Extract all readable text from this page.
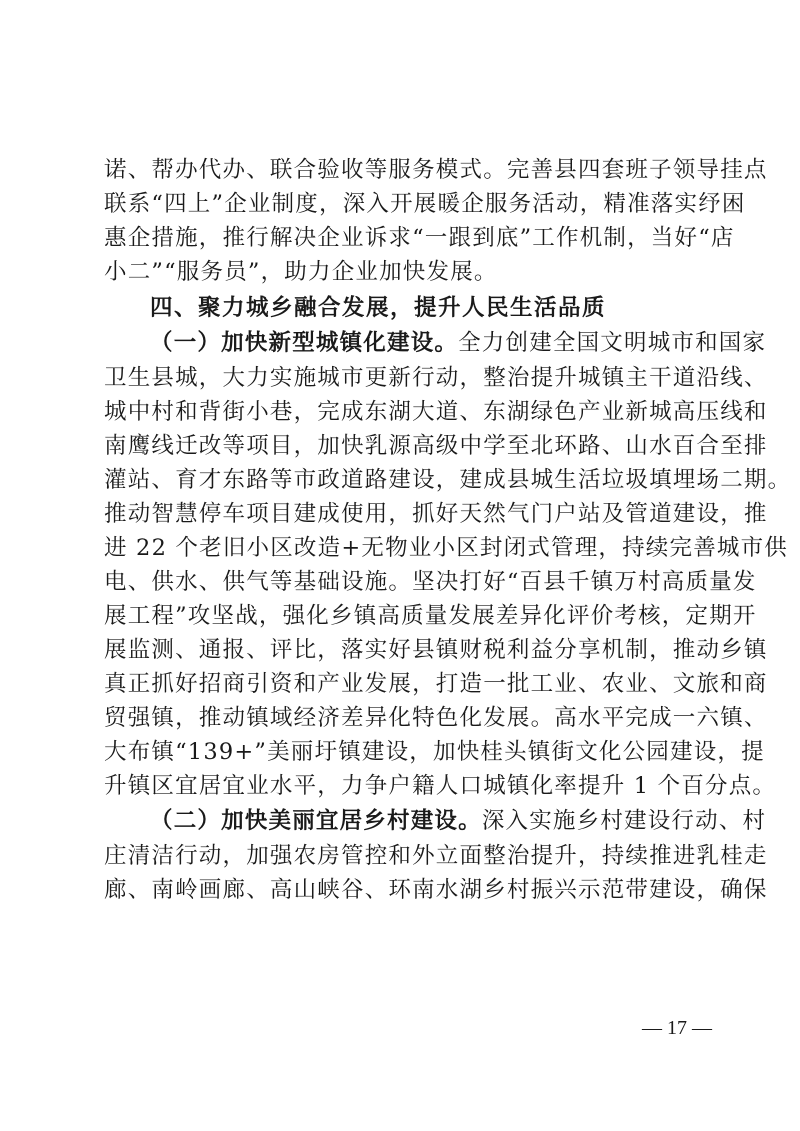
诺、帮办代办、联合验收等服务模式。完善县四套班子领导挂点
联系“四上”企业制度，深入开展暖企服务活动，精准落实纾困
惠企措施，推行解决企业诉求“一跟到底”工作机制，当好“店
小二”“服务员”，助力企业加快发展。
四、聚力城乡融合发展，提升人民生活品质
（一）加快新型城镇化建设。全力创建全国文明城市和国家
卫生县城，大力实施城市更新行动，整治提升城镇主干道沿线、
城中村和背街小巷，完成东湖大道、东湖绿色产业新城高压线和
南鹰线迁改等项目，加快乳源高级中学至北环路、山水百合至排
灌站、育才东路等市政道路建设，建成县城生活垃圾填埋场二期。
推动智慧停车项目建成使用，抓好天然气门户站及管道建设，推
进 22 个老旧小区改造+无物业小区封闭式管理，持续完善城市供
电、供水、供气等基础设施。坚决打好“百县千镇万村高质量发
展工程”攻坚战，强化乡镇高质量发展差异化评价考核，定期开
展监测、通报、评比，落实好县镇财税利益分享机制，推动乡镇
真正抓好招商引资和产业发展，打造一批工业、农业、文旅和商
贸强镇，推动镇域经济差异化特色化发展。高水平完成一六镇、
大布镇“139+”美丽圩镇建设，加快桂头镇街文化公园建设，提
升镇区宜居宜业水平，力争户籍人口城镇化率提升 1 个百分点。
（二）加快美丽宜居乡村建设。深入实施乡村建设行动、村
庄清洁行动，加强农房管控和外立面整治提升，持续推进乳桂走
廊、南岭画廊、高山峡谷、环南水湖乡村振兴示范带建设，确保
— 17 —
